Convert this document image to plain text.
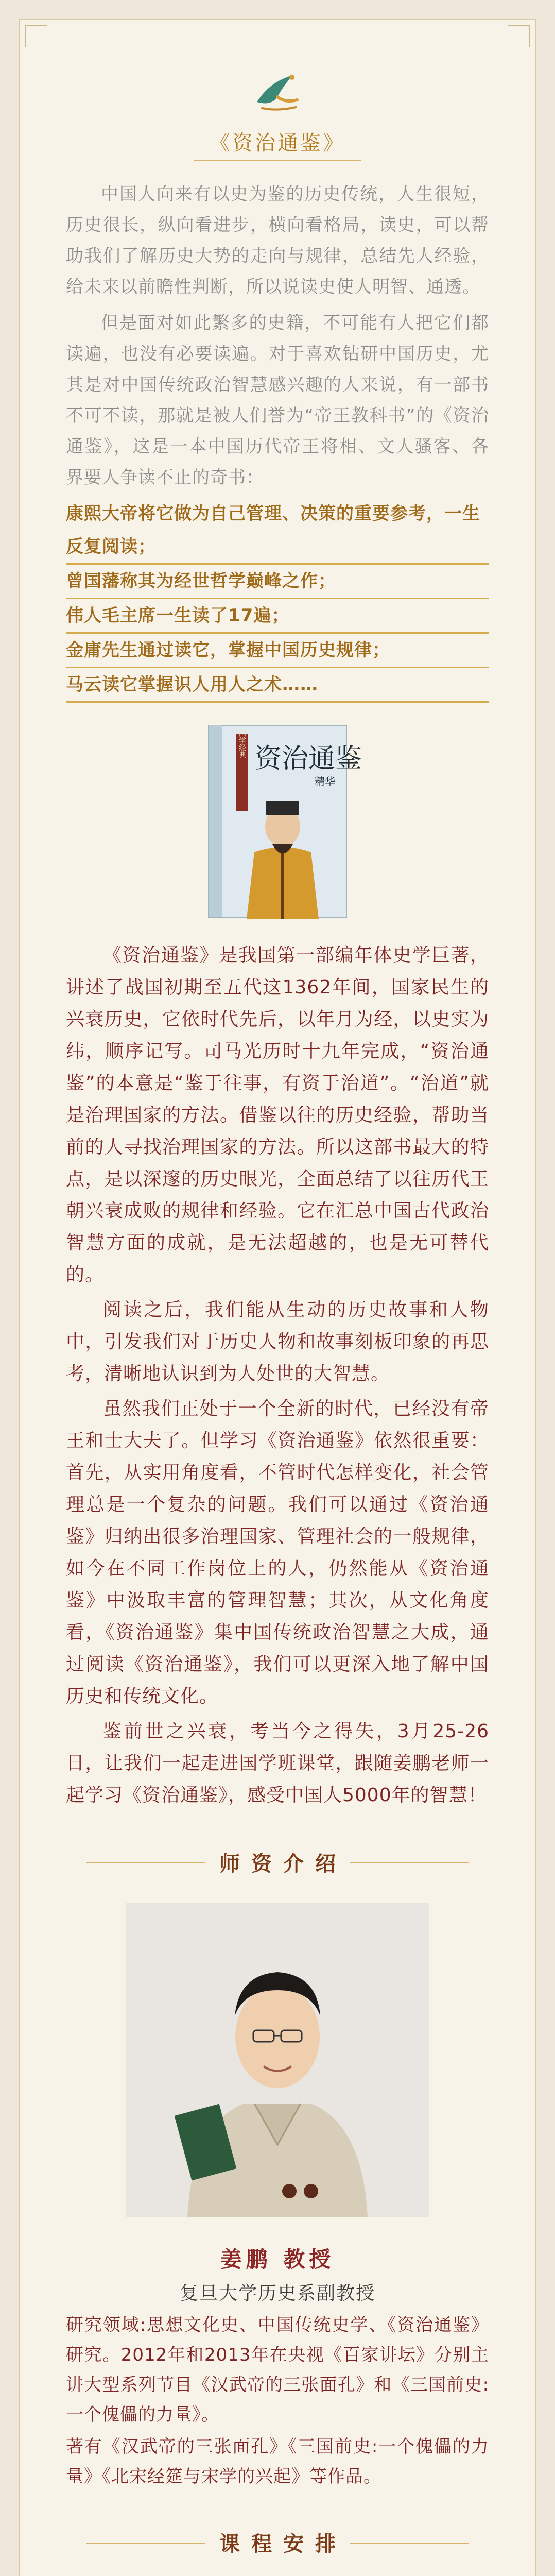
《资治通鉴》

中国人向来有以史为鉴的历史传统，人生很短，历史很长，纵向看进步，横向看格局，读史，可以帮助我们了解历史大势的走向与规律，总结先人经验，给未来以前瞻性判断，所以说读史使人明智、通透。

但是面对如此繁多的史籍，不可能有人把它们都读遍，也没有必要读遍。对于喜欢钻研中国历史，尤其是对中国传统政治智慧感兴趣的人来说，有一部书不可不读，那就是被人们誉为“帝王教科书”的《资治通鉴》，这是一本中国历代帝王将相、文人骚客、各界要人争读不止的奇书：

康熙大帝将它做为自己管理、决策的重要参考，一生反复阅读；
曾国藩称其为经世哲学巅峰之作；
伟人毛主席一生读了17遍；
金庸先生通过读它，掌握中国历史规律；
马云读它掌握识人用人之术……
国学经典 资治通鉴
精华

《资治通鉴》是我国第一部编年体史学巨著，讲述了战国初期至五代这1362年间，国家民生的兴衰历史，它依时代先后，以年月为经，以史实为纬，顺序记写。司马光历时十九年完成，“资治通鉴”的本意是“鉴于往事，有资于治道”。“治道”就是治理国家的方法。借鉴以往的历史经验，帮助当前的人寻找治理国家的方法。所以这部书最大的特点，是以深邃的历史眼光，全面总结了以往历代王朝兴衰成败的规律和经验。它在汇总中国古代政治智慧方面的成就，是无法超越的，也是无可替代的。

阅读之后，我们能从生动的历史故事和人物中，引发我们对于历史人物和故事刻板印象的再思考，清晰地认识到为人处世的大智慧。

虽然我们正处于一个全新的时代，已经没有帝王和士大夫了。但学习《资治通鉴》依然很重要：首先，从实用角度看，不管时代怎样变化，社会管理总是一个复杂的问题。我们可以通过《资治通鉴》归纳出很多治理国家、管理社会的一般规律，如今在不同工作岗位上的人，仍然能从《资治通鉴》中汲取丰富的管理智慧；其次，从文化角度看，《资治通鉴》集中国传统政治智慧之大成，通过阅读《资治通鉴》，我们可以更深入地了解中国历史和传统文化。

鉴前世之兴衰，考当今之得失，3月25-26日，让我们一起走进国学班课堂，跟随姜鹏老师一起学习《资治通鉴》，感受中国人5000年的智慧！

师资介绍
姜鹏 教授
复旦大学历史系副教授

研究领域:思想文化史、中国传统史学、《资治通鉴》研究。2012年和2013年在央视《百家讲坛》分别主讲大型系列节目《汉武帝的三张面孔》和《三国前史:一个傀儡的力量》。

著有《汉武帝的三张面孔》《三国前史:一个傀儡的力量》《北宋经筵与宋学的兴起》等作品。

课程安排
